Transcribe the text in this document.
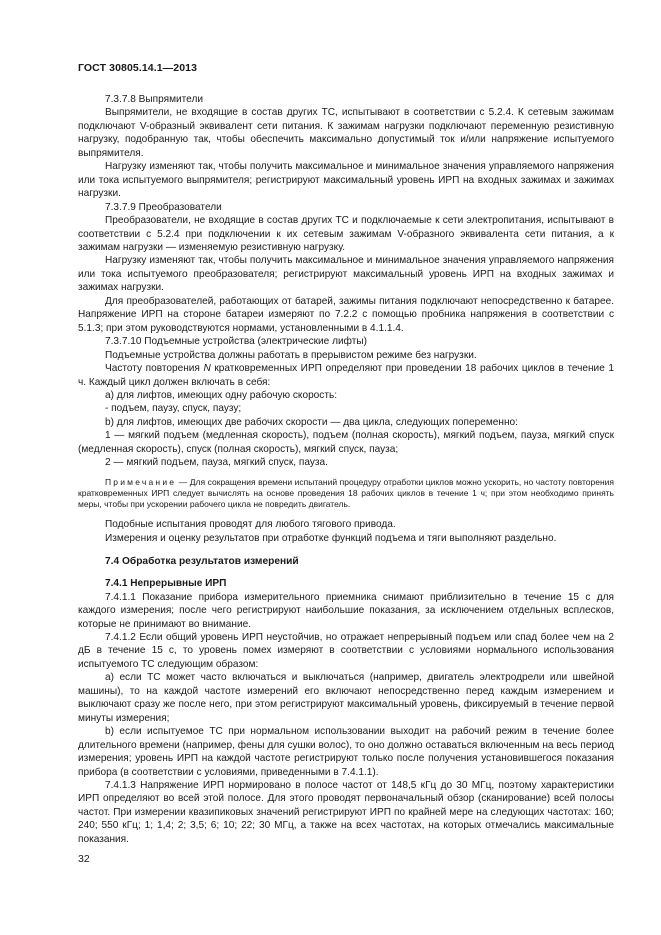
ГОСТ 30805.14.1—2013

7.3.7.8 Выпрямители

Выпрямители, не входящие в состав других ТС, испытывают в соответствии с 5.2.4. К сетевым зажимам подключают V-образный эквивалент сети питания. К зажимам нагрузки подключают переменную резистивную нагрузку, подобранную так, чтобы обеспечить максимально допустимый ток и/или напряжение испытуемого выпрямителя.

Нагрузку изменяют так, чтобы получить максимальное и минимальное значения управляемого напряжения или тока испытуемого выпрямителя; регистрируют максимальный уровень ИРП на входных зажимах и зажимах нагрузки.

7.3.7.9 Преобразователи

Преобразователи, не входящие в состав других ТС и подключаемые к сети электропитания, испытывают в соответствии с 5.2.4 при подключении к их сетевым зажимам V-образного эквивалента сети питания, а к зажимам нагрузки — изменяемую резистивную нагрузку.

Нагрузку изменяют так, чтобы получить максимальное и минимальное значения управляемого напряжения или тока испытуемого преобразователя; регистрируют максимальный уровень ИРП на входных зажимах и зажимах нагрузки.

Для преобразователей, работающих от батарей, зажимы питания подключают непосредственно к батарее. Напряжение ИРП на стороне батареи измеряют по 7.2.2 с помощью пробника напряжения в соответствии с 5.1.3; при этом руководствуются нормами, установленными в 4.1.1.4.

7.3.7.10 Подъемные устройства (электрические лифты)

Подъемные устройства должны работать в прерывистом режиме без нагрузки.

Частоту повторения N кратковременных ИРП определяют при проведении 18 рабочих циклов в течение 1 ч. Каждый цикл должен включать в себя:

a) для лифтов, имеющих одну рабочую скорость:

- подъем, паузу, спуск, паузу;

b) для лифтов, имеющих две рабочих скорости — два цикла, следующих попеременно:

1 — мягкий подъем (медленная скорость), подъем (полная скорость), мягкий подъем, пауза, мягкий спуск (медленная скорость), спуск (полная скорость), мягкий спуск, пауза;

2 — мягкий подъем, пауза, мягкий спуск, пауза.

Примечание — Для сокращения времени испытаний процедуру отработки циклов можно ускорить, но частоту повторения кратковременных ИРП следует вычислять на основе проведения 18 рабочих циклов в течение 1 ч; при этом необходимо принять меры, чтобы при ускорении рабочего цикла не повредить двигатель.

Подобные испытания проводят для любого тягового привода.

Измерения и оценку результатов при отработке функций подъема и тяги выполняют раздельно.

7.4 Обработка результатов измерений
7.4.1 Непрерывные ИРП

7.4.1.1 Показание прибора измерительного приемника снимают приблизительно в течение 15 с для каждого измерения; после чего регистрируют наибольшие показания, за исключением отдельных всплесков, которые не принимают во внимание.

7.4.1.2 Если общий уровень ИРП неустойчив, но отражает непрерывный подъем или спад более чем на 2 дБ в течение 15 с, то уровень помех измеряют в соответствии с условиями нормального использования испытуемого ТС следующим образом:

a) если ТС может часто включаться и выключаться (например, двигатель электродрели или швейной машины), то на каждой частоте измерений его включают непосредственно перед каждым измерением и выключают сразу же после него, при этом регистрируют максимальный уровень, фиксируемый в течение первой минуты измерения;

b) если испытуемое ТС при нормальном использовании выходит на рабочий режим в течение более длительного времени (например, фены для сушки волос), то оно должно оставаться включенным на весь период измерения; уровень ИРП на каждой частоте регистрируют только после получения установившегося показания прибора (в соответствии с условиями, приведенными в 7.4.1.1).

7.4.1.3 Напряжение ИРП нормировано в полосе частот от 148,5 кГц до 30 МГц, поэтому характеристики ИРП определяют во всей этой полосе. Для этого проводят первоначальный обзор (сканирование) всей полосы частот. При измерении квазипиковых значений регистрируют ИРП по крайней мере на следующих частотах: 160; 240; 550 кГц; 1; 1,4; 2; 3,5; 6; 10; 22; 30 МГц, а также на всех частотах, на которых отмечались максимальные показания.

32
